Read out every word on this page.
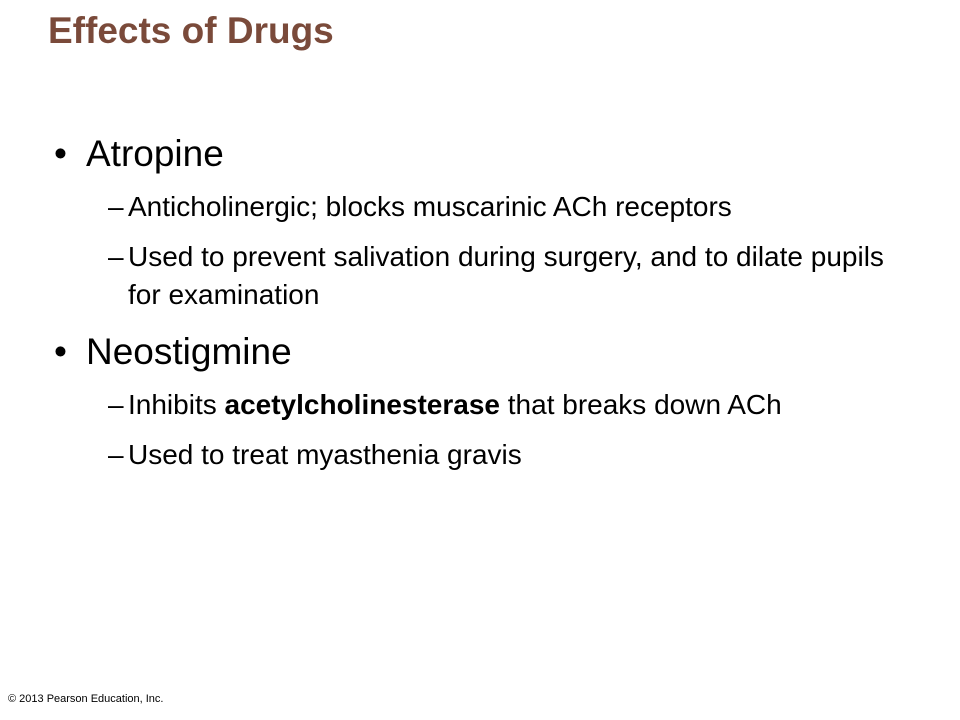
Effects of Drugs
• Atropine
– Anticholinergic; blocks muscarinic ACh receptors
– Used to prevent salivation during surgery, and to dilate pupils for examination
• Neostigmine
– Inhibits acetylcholinesterase that breaks down ACh
– Used to treat myasthenia gravis
© 2013 Pearson Education, Inc.
